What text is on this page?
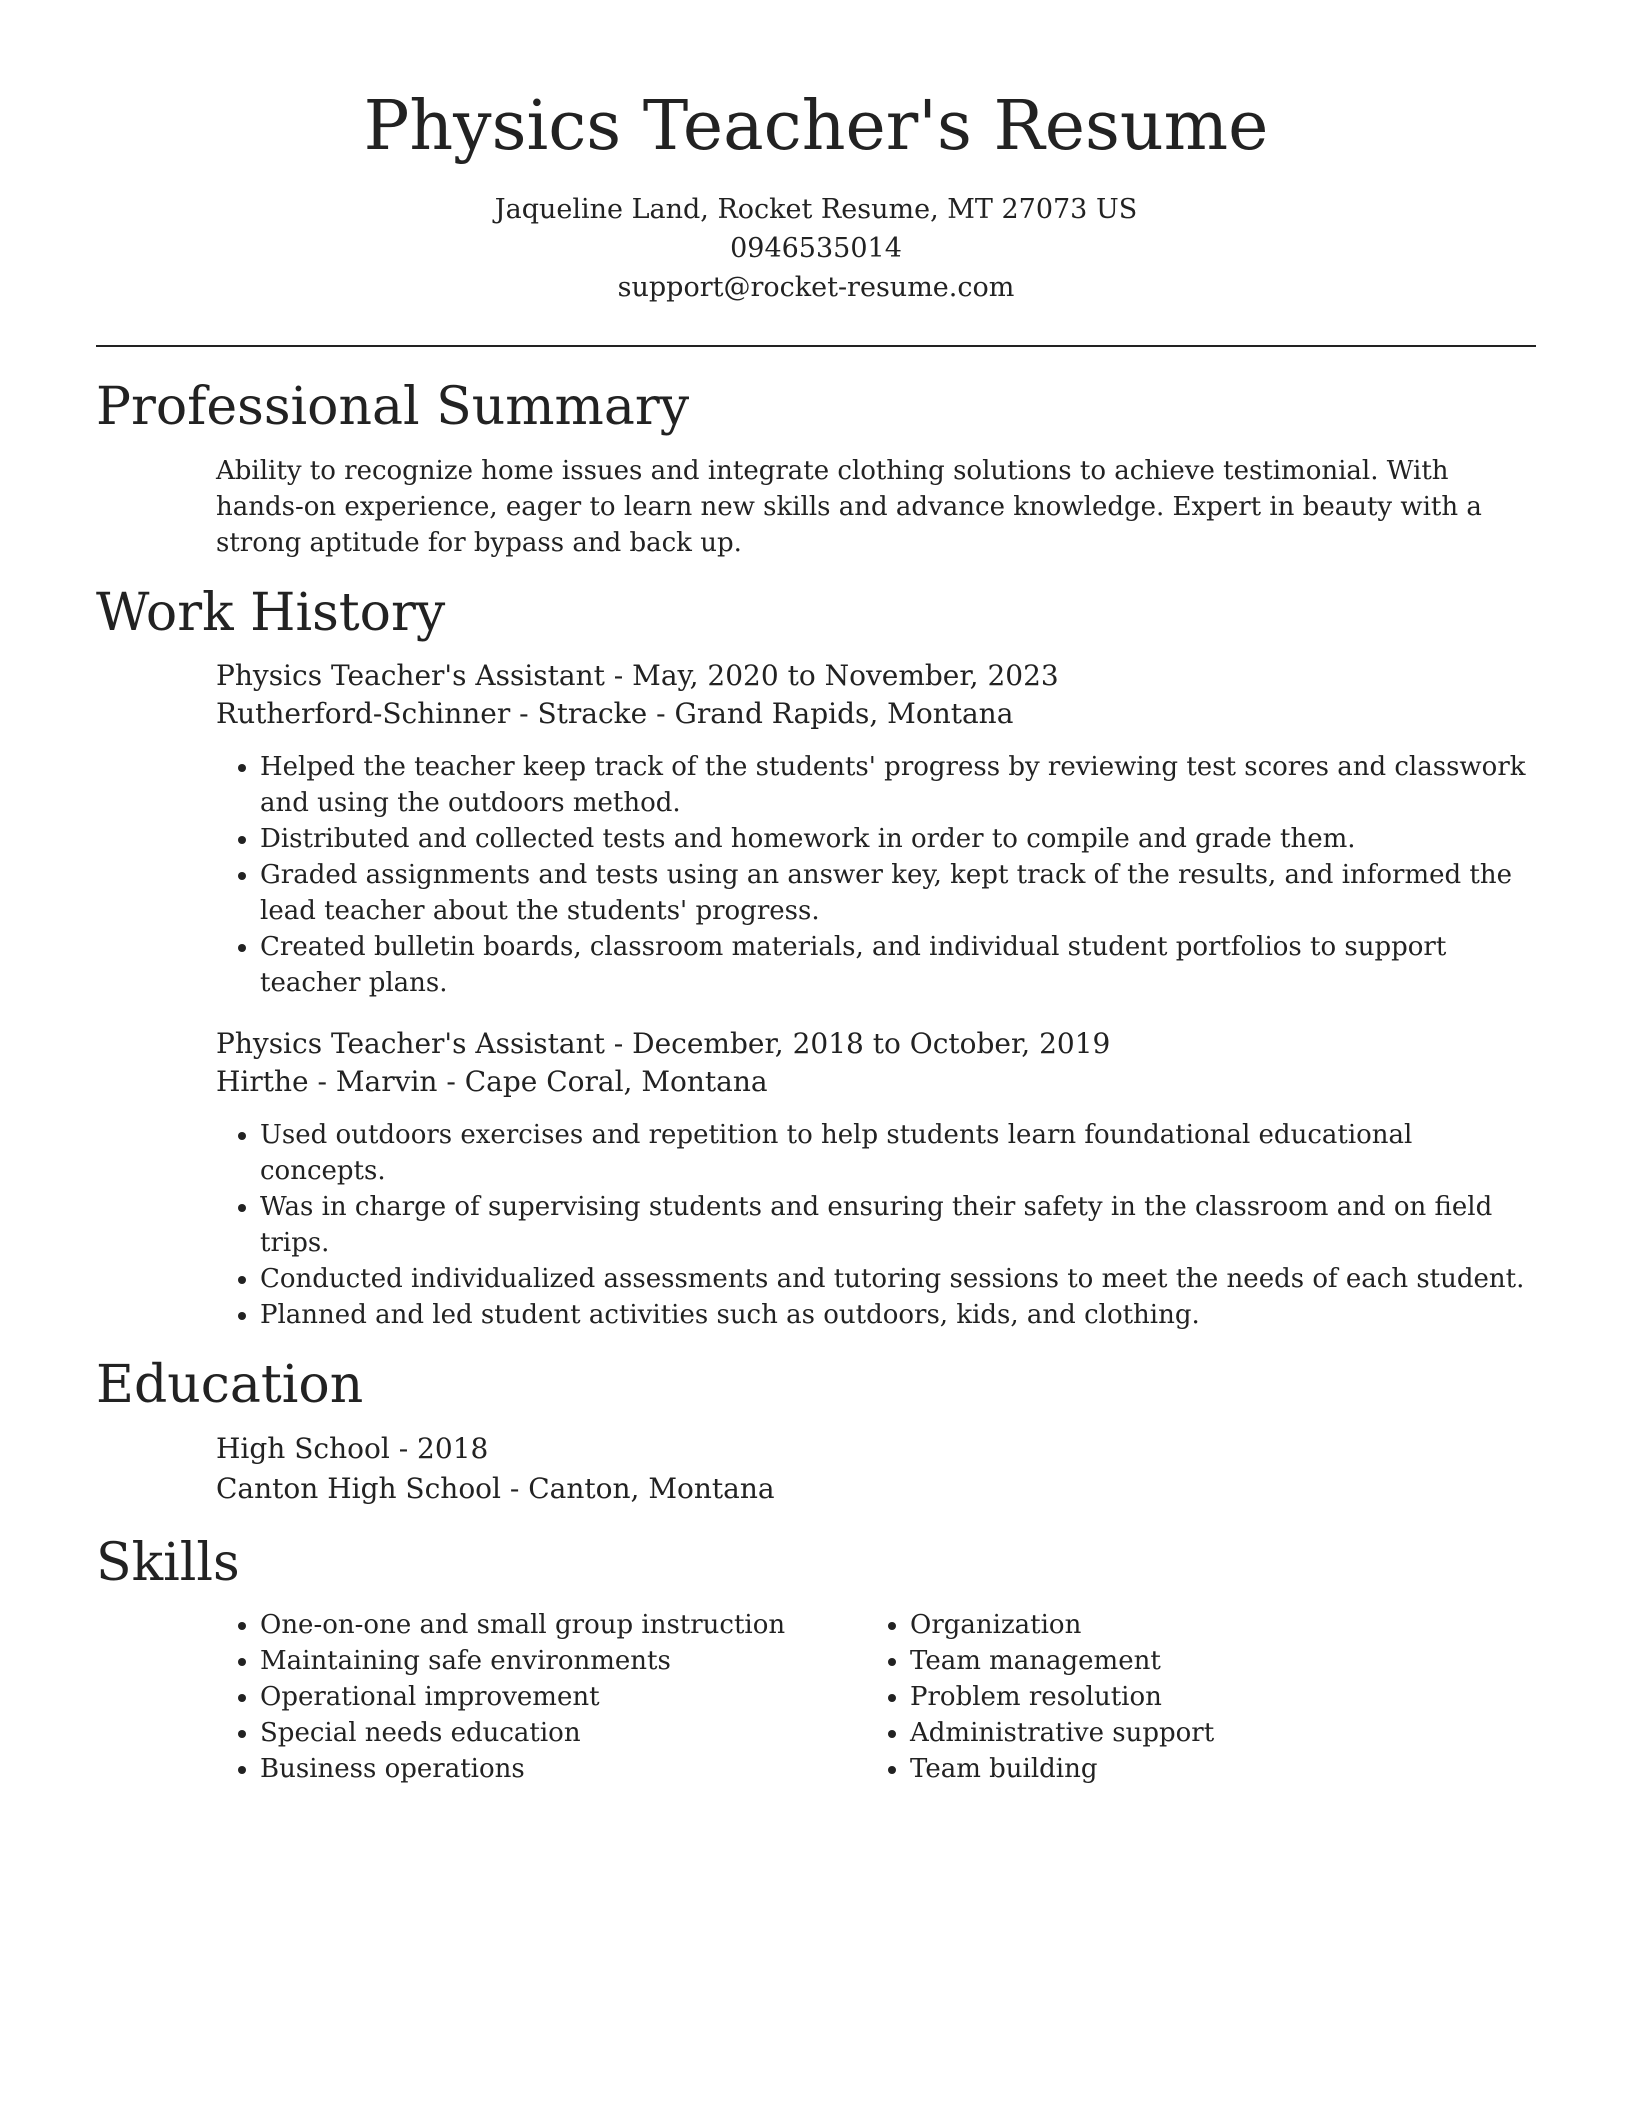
Physics Teacher's Resume
Jaqueline Land, Rocket Resume, MT 27073 US
0946535014
support@rocket-resume.com
Professional Summary

Ability to recognize home issues and integrate clothing solutions to achieve testimonial. With hands-on experience, eager to learn new skills and advance knowledge. Expert in beauty with a strong aptitude for bypass and back up.

Work History
Physics Teacher's Assistant - May, 2020 to November, 2023
Rutherford-Schinner - Stracke - Grand Rapids, Montana
• Helped the teacher keep track of the students' progress by reviewing test scores and classwork and using the outdoors method.
• Distributed and collected tests and homework in order to compile and grade them.
• Graded assignments and tests using an answer key, kept track of the results, and informed the lead teacher about the students' progress.
• Created bulletin boards, classroom materials, and individual student portfolios to support teacher plans.
Physics Teacher's Assistant - December, 2018 to October, 2019
Hirthe - Marvin - Cape Coral, Montana
• Used outdoors exercises and repetition to help students learn foundational educational concepts.
• Was in charge of supervising students and ensuring their safety in the classroom and on field trips.
• Conducted individualized assessments and tutoring sessions to meet the needs of each student.
• Planned and led student activities such as outdoors, kids, and clothing.
Education
High School - 2018
Canton High School - Canton, Montana
Skills
• One-on-one and small group instruction
• Maintaining safe environments
• Operational improvement
• Special needs education
• Business operations
• Organization
• Team management
• Problem resolution
• Administrative support
• Team building
